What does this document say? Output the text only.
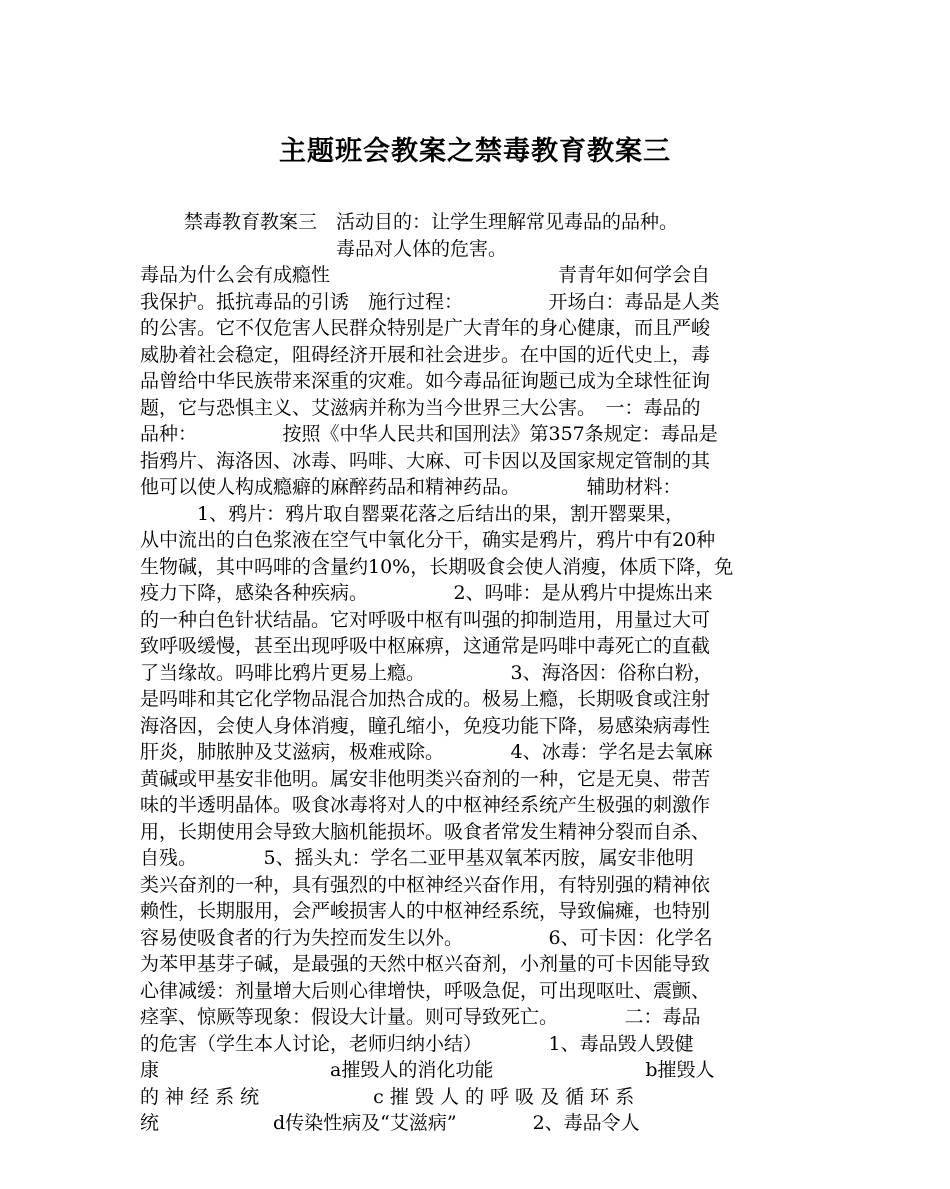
主题班会教案之禁毒教育教案三
禁毒教育教案三　活动目的：让学生理解常见毒品的品种。
毒品对人体的危害。
毒品为什么会有成瘾性　　　　　　　　　　　　青青年如何学会自
我保护。抵抗毒品的引诱　施行过程：　　　　　开场白：毒品是人类
的公害。它不仅危害人民群众特别是广大青年的身心健康，而且严峻
威胁着社会稳定，阻碍经济开展和社会进步。在中国的近代史上，毒
品曾给中华民族带来深重的灾难。如今毒品征询题已成为全球性征询
题，它与恐惧主义、艾滋病并称为当今世界三大公害。　一：毒品的
品种：　　　　　按照《中华人民共和国刑法》第357条规定：毒品是
指鸦片、海洛因、冰毒、吗啡、大麻、可卡因以及国家规定管制的其
他可以使人构成瘾癖的麻醉药品和精神药品。　　　　辅助材料：
　　　1、鸦片：鸦片取自罂粟花落之后结出的果，割开罂粟果，
从中流出的白色浆液在空气中氧化分干，确实是鸦片，鸦片中有20种
生物碱，其中吗啡的含量约10%，长期吸食会使人消瘦，体质下降，免
疫力下降，感染各种疾病。　　　　　2、吗啡：是从鸦片中提炼出来
的一种白色针状结晶。它对呼吸中枢有叫强的抑制造用，用量过大可
致呼吸缓慢，甚至出现呼吸中枢麻痹，这通常是吗啡中毒死亡的直截
了当缘故。吗啡比鸦片更易上瘾。　　　　　3、海洛因：俗称白粉，
是吗啡和其它化学物品混合加热合成的。极易上瘾，长期吸食或注射
海洛因，会使人身体消瘦，瞳孔缩小，免疫功能下降，易感染病毒性
肝炎，肺脓肿及艾滋病，极难戒除。　　　　4、冰毒：学名是去氧麻
黄碱或甲基安非他明。属安非他明类兴奋剂的一种，它是无臭、带苦
味的半透明晶体。吸食冰毒将对人的中枢神经系统产生极强的刺激作
用，长期使用会导致大脑机能损坏。吸食者常发生精神分裂而自杀、
自残。　　　　5、摇头丸：学名二亚甲基双氧苯丙胺，属安非他明
类兴奋剂的一种，具有强烈的中枢神经兴奋作用，有特别强的精神依
赖性，长期服用，会严峻损害人的中枢神经系统，导致偏瘫，也特别
容易使吸食者的行为失控而发生以外。　　　　　6、可卡因：化学名
为苯甲基芽子碱，是最强的天然中枢兴奋剂，小剂量的可卡因能导致
心律减缓：剂量增大后则心律增快，呼吸急促，可出现呕吐、震颤、
痉挛、惊厥等现象：假设大计量。则可导致死亡。　　　　二：毒品
的危害（学生本人讨论，老师归纳小结）　　　　1、毒品毁人毁健
康　　　　　　　　　a摧毁人的消化功能　　　　　　　　b摧毁人
的 神 经 系 统　　　　　　c 摧 毁 人 的 呼 吸 及 循 环 系
统　　　　　　d传染性病及“艾滋病”　　　　2、毒品令人
